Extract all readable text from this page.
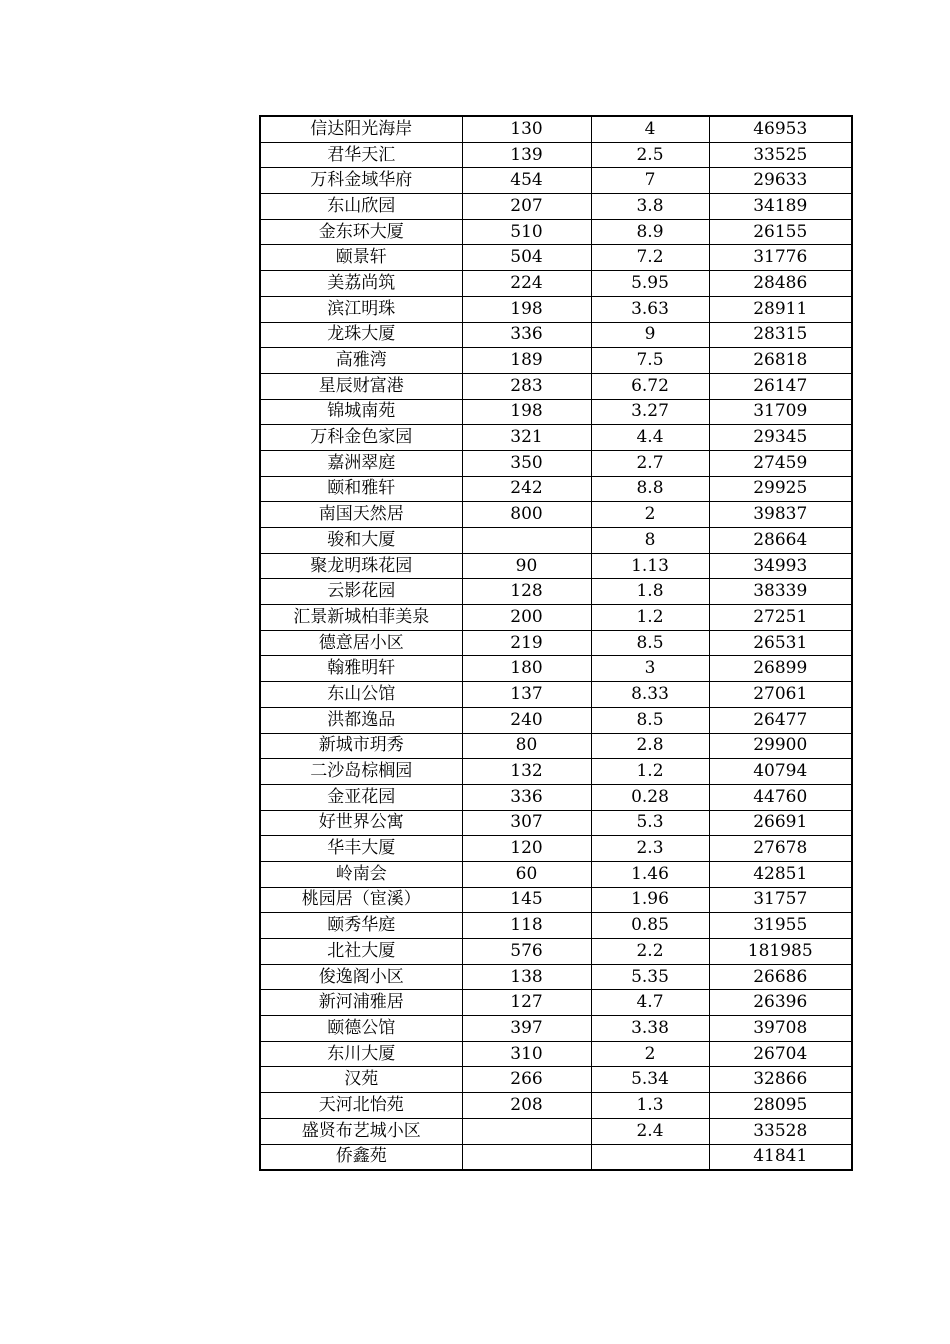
信达阳光海岸	130	4	46953
君华天汇	139	2.5	33525
万科金域华府	454	7	29633
东山欣园	207	3.8	34189
金东环大厦	510	8.9	26155
颐景轩	504	7.2	31776
美荔尚筑	224	5.95	28486
滨江明珠	198	3.63	28911
龙珠大厦	336	9	28315
高雅湾	189	7.5	26818
星辰财富港	283	6.72	26147
锦城南苑	198	3.27	31709
万科金色家园	321	4.4	29345
嘉洲翠庭	350	2.7	27459
颐和雅轩	242	8.8	29925
南国天然居	800	2	39837
骏和大厦		8	28664
聚龙明珠花园	90	1.13	34993
云影花园	128	1.8	38339
汇景新城柏菲美泉	200	1.2	27251
德意居小区	219	8.5	26531
翰雅明轩	180	3	26899
东山公馆	137	8.33	27061
洪都逸品	240	8.5	26477
新城市玥秀	80	2.8	29900
二沙岛棕榈园	132	1.2	40794
金亚花园	336	0.28	44760
好世界公寓	307	5.3	26691
华丰大厦	120	2.3	27678
岭南会	60	1.46	42851
桃园居（宦溪）	145	1.96	31757
颐秀华庭	118	0.85	31955
北社大厦	576	2.2	181985
俊逸阁小区	138	5.35	26686
新河浦雅居	127	4.7	26396
颐德公馆	397	3.38	39708
东川大厦	310	2	26704
汉苑	266	5.34	32866
天河北怡苑	208	1.3	28095
盛贤布艺城小区		2.4	33528
侨鑫苑			41841
